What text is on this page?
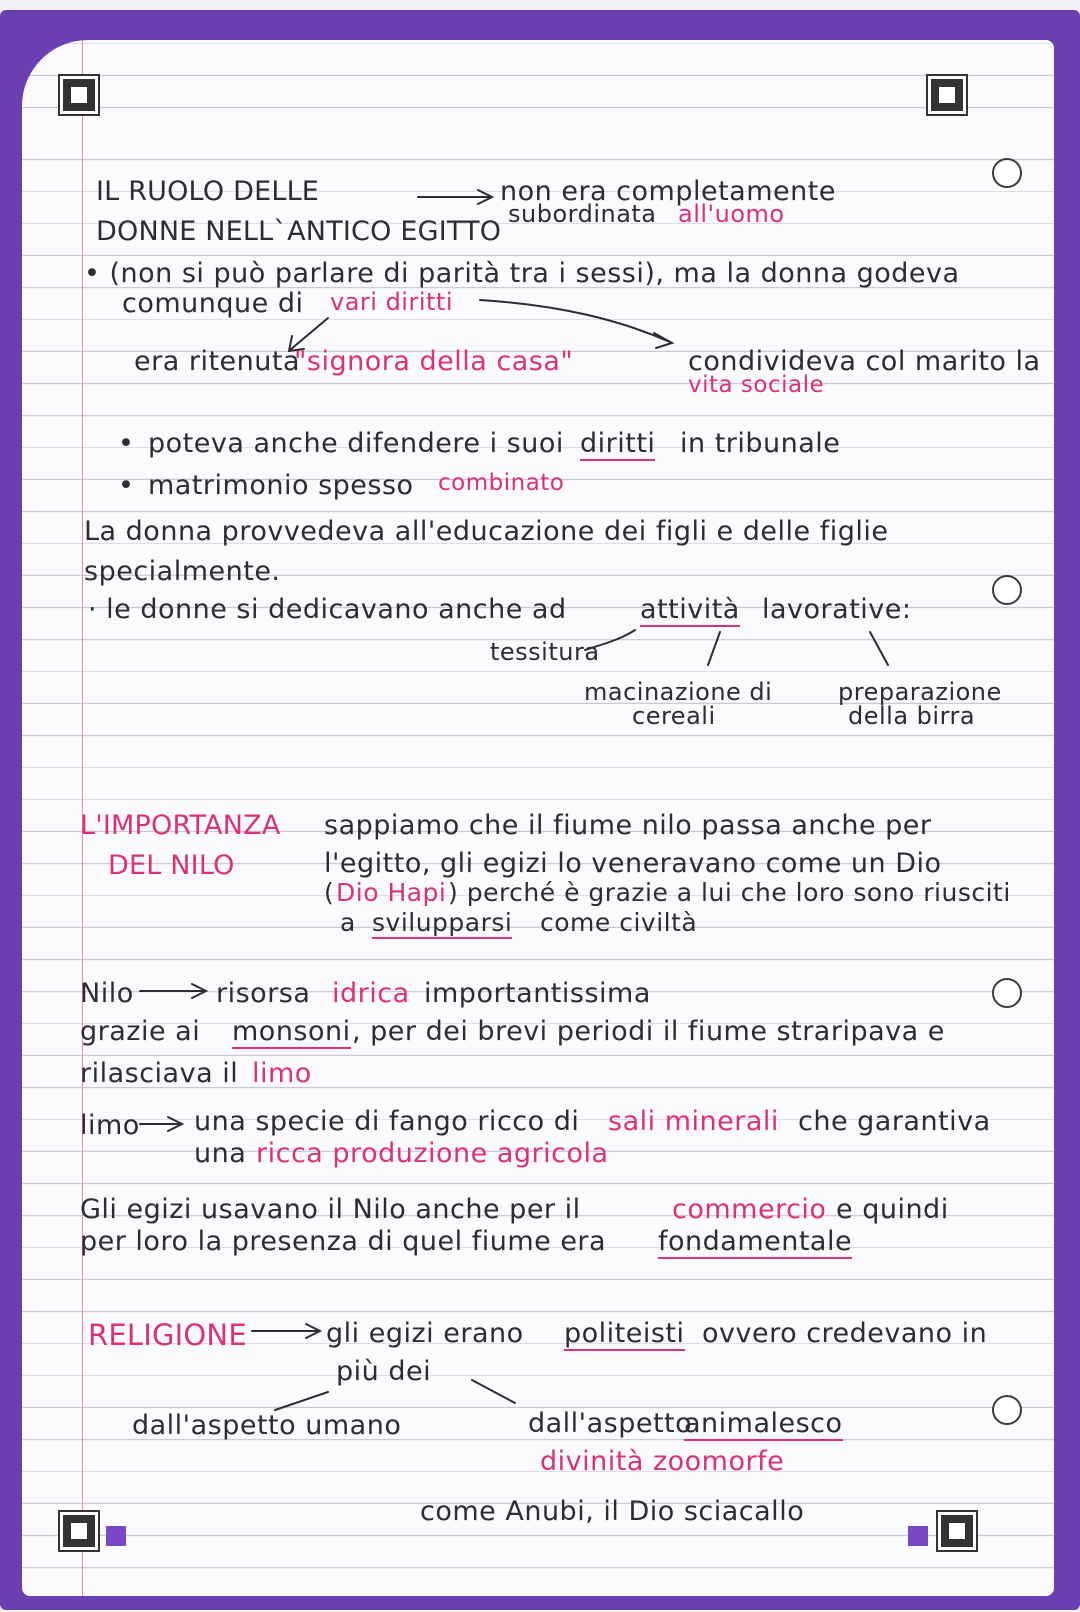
IL RUOLO DELLE
DONNE NELL`ANTICO EGITTO
non era completamente
subordinata all'uomo
• (non si può parlare di parità tra i sessi), ma la donna godeva
comunque di vari diritti
era ritenuta
"signora della casa"	condivideva col marito la
vita sociale
• poteva anche difendere i suoi diritti in tribunale
• matrimonio spesso combinato
La donna provvedeva all'educazione dei figli e delle figlie
specialmente.
· le donne si dedicavano anche ad	attività lavorative:
tessitura
macinazione di
cereali
preparazione
della birra
L'IMPORTANZA
DEL NILO
sappiamo che il fiume nilo passa anche per
l'egitto, gli egizi lo veneravano come un Dio
( Dio Hapi ) perché è grazie a lui che loro sono riusciti
a svilupparsi come civiltà
Nilo	risorsa idrica importantissima
grazie ai monsoni , per dei brevi periodi il fiume straripava e
rilasciava il limo
limo una specie di fango ricco di sali minerali che garantiva
una ricca produzione agricola
Gli egizi usavano il Nilo anche per il	commercio e quindi
per loro la presenza di quel fiume era fondamentale
RELIGIONE	gli egizi erano politeisti ovvero credevano in
più dei
dall'aspetto umano	dall'aspetto
animalesco
divinità zoomorfe
come Anubi, il Dio sciacallo
